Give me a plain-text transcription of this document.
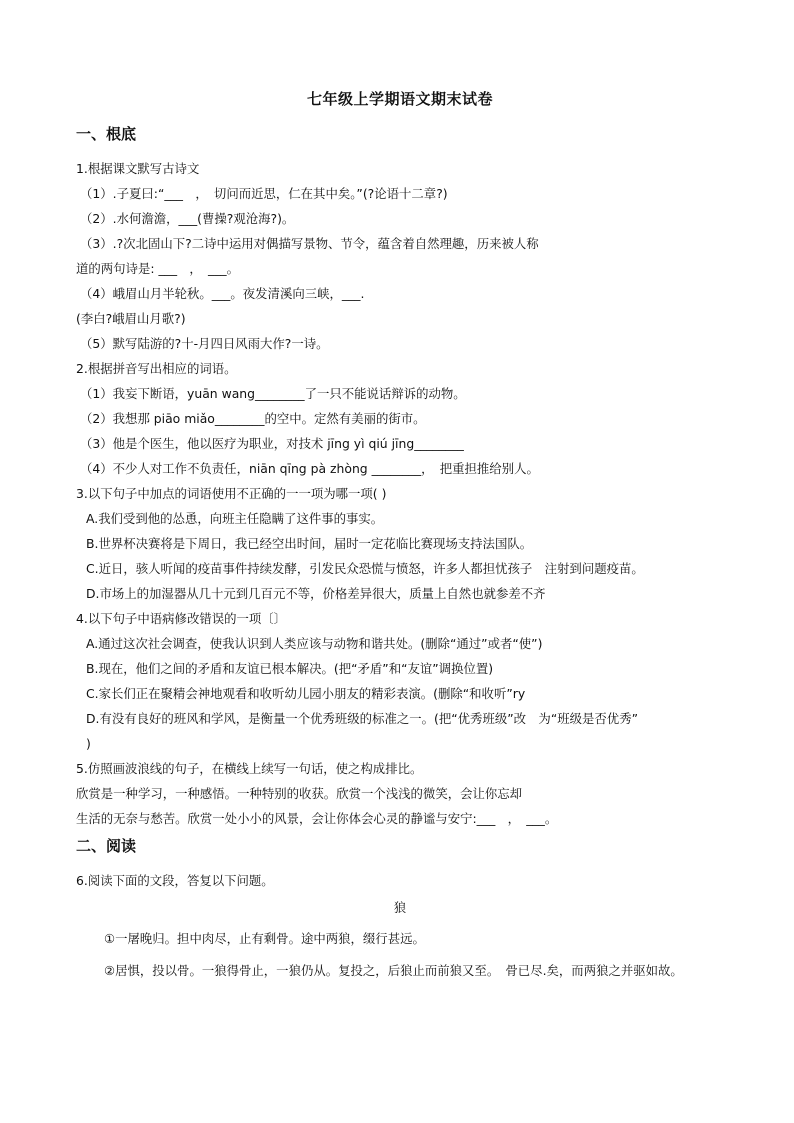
七年级上学期语文期末试卷
一、根底
1.根据课文默写古诗文
（1）.子夏曰:“___　，　切问而近思，仁在其中矣。”(?论语十二章?)
（2）.水何澹澹，___(曹操?观沧海?)。
（3）.?次北固山下?二诗中运用对偶描写景物、节令，蕴含着自然理趣，历来被人称
道的两句诗是: ___　，　___。
（4）峨眉山月半轮秋。___。夜发清溪向三峡，___.
(李白?峨眉山月歌?)
（5）默写陆游的?十-月四日风雨大作?一诗。
2.根据拼音写出相应的词语。
（1）我妄下断语，yuān wang________了一只不能说话辩诉的动物。
（2）我想那 piāo miǎo________的空中。定然有美丽的街市。
（3）他是个医生，他以医疗为职业，对技术 jīng yì qiú jīng________
（4）不少人对工作不负责任，niān qīng pà zhòng ________，　把重担推给别人。
3.以下句子中加点的词语使用不正确的一一项为哪一项( )
A.我们受到他的怂恿，向班主任隐瞒了这件事的事实。
B.世界杯决赛将是下周日，我已经空出时间，届时一定花临比赛现场支持法国队。
C.近日，骇人听闻的疫苗事件持续发酵，引发民众恐慌与愤怒，许多人都担忧孩子　注射到问题疫苗。
D.市场上的加湿器从几十元到几百元不等，价格差异很大，质量上自然也就参差不齐
4.以下句子中语病修改错误的一项〔〕
A.通过这次社会调查，使我认识到人类应该与动物和谐共处。(删除“通过”或者“使”)
B.现在，他们之间的矛盾和友谊已根本解决。(把“矛盾”和“友谊”调换位置)
C.家长们正在聚精会神地观看和收听幼儿园小朋友的精彩表演。(删除“和收听”ry
D.有没有良好的班风和学风，是衡量一个优秀班级的标准之一。(把“优秀班级”改　为“班级是否优秀”
)
5.仿照画波浪线的句子，在横线上续写一句话，使之构成排比。
欣赏是一种学习，一种感悟。一种特别的收获。欣赏一个浅浅的微笑，会让你忘却
生活的无奈与愁苦。欣赏一处小小的风景，会让你体会心灵的静谧与安宁:___　，　___。
二、阅读
6.阅读下面的文段，答复以下问题。
狼
①一屠晚归。担中肉尽，止有剩骨。途中两狼，缀行甚远。
②居惧，投以骨。一狼得骨止，一狼仍从。复投之，后狼止而前狼又至。　骨已尽.矣，而两狼之并驱如故。
